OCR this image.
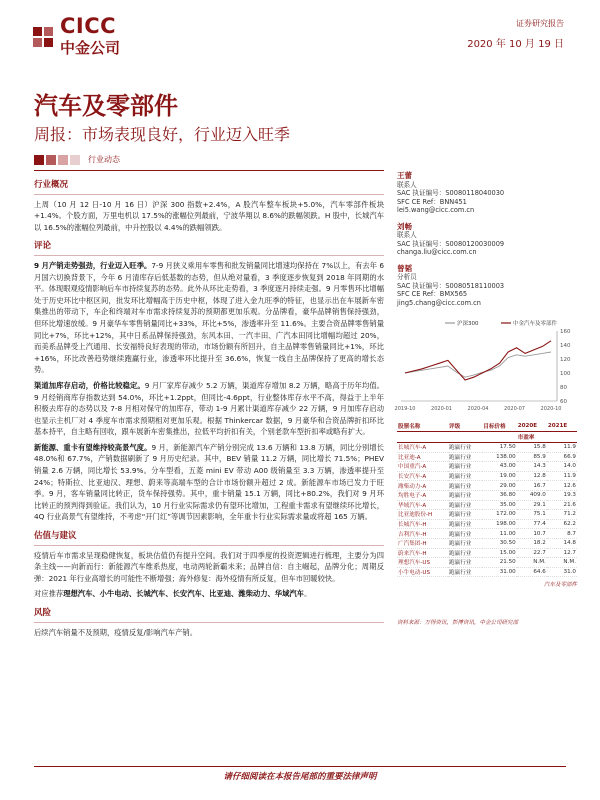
CICC
中金公司
证券研究报告
2020 年 10 月 19 日
汽车及零部件
周报：市场表现良好，行业迈入旺季
行业动态
行业概况

上周（10 月 12 日-10 月 16 日）沪深 300 指数+2.4%，A 股汽车整车板块+5.0%，汽车零部件板块+1.4%。个股方面，万里电机以 17.5%的涨幅位列最前，宁波华翔以 8.6%的跌幅领跌。H 股中，长城汽车以 16.5%的涨幅位列最前，中升控股以 4.4%的跌幅领跌。

评论

9 月产销走势强劲，行业迈入旺季。7-9 月狭义乘用车零售和批发销量同比增速均保持在 7%以上，有去年 6 月国六切换背景下，今年 6 月清库存后低基数的态势，但从绝对量看，3 季度逐步恢复到 2018 年同期的水平。体现眼观疫情影响后车市持续复苏的态势。此外从环比走势看，3 季度逐月持续走强。9 月零售环比增幅处于历史环比中枢区间，批发环比增幅高于历史中枢，体现了进入金九旺季的特征，也显示出在车展新车密集推出的带动下，车企和终端对车市需求持续复苏的预期都更加乐观。分品牌看，豪华品牌销售保持强劲，但环比增速放缓。9 月豪华车零售销量同比+33%，环比+5%，渗透率升至 11.6%。主要合资品牌零售销量同比+7%，环比+12%，其中日系品牌保持强劲，东风本田、一汽丰田、广汽本田同比增幅均超过 20%，而美系品牌受上汽通用、长安福特良好表现的带动，市场份额有所回升，自主品牌零售销量同比+1%，环比+16%，环比改善趋势继续跑赢行业，渗透率环比提升至 36.6%，恢复一线自主品牌保持了更高的增长态势。

渠道加库存启动，价格比较稳定。9 月厂家库存减少 5.2 万辆，渠道库存增加 8.2 万辆，略高于历年均值。9 月经销商库存指数达到 54.0%，环比+1.2ppt，但同比-4.6ppt，行业整体库存水平不高，得益于上半年积极去库存的态势以及 7-8 月相对保守的加库存，带动 1-9 月累计渠道库存减少 22 万辆，9 月加库存启动也显示主机厂对 4 季度车市需求预期相对更加乐观。根据 Thinkercar 数据，9 月豪华和合资品牌折扣环比基本持平，自主略有回收，跟车展新车密集推出，拉低平均折扣有关，个别老款车型折扣率或略有扩大。

新能源、重卡有望维持较高景气度。9 月，新能源汽车产销分别完成 13.6 万辆和 13.8 万辆，同比分别增长 48.0%和 67.7%，产销数据刷新了 9 月历史纪录。其中，BEV 销量 11.2 万辆，同比增长 71.5%；PHEV 销量 2.6 万辆，同比增长 53.9%。分车型看，五菱 mini EV 带动 A00 级销量至 3.3 万辆，渗透率提升至 24%；特斯拉、比亚迪汉、理想、蔚来等高端车型的合计市场份额升超过 2 成。新能源车市场已发力于旺季。9 月，客车销量同比转正，货车保持强势。其中，重卡销量 15.1 万辆，同比+80.2%，我们对 9 月环比转正的预判得到验证。我们认为，10 月行业实际需求仍有望环比增加，工程重卡需求有望继续环比增长，4Q 行业高景气有望维持，不考虑“开门红”等调节因素影响，全年重卡行业实际需求量或将超 165 万辆。

估值与建议

疫情后车市需求呈现稳健恢复，板块估值仍有提升空间。我们对于四季度的投资逻辑进行梳理，主要分为四条主线——向新而行：新能源汽车维系热度，电动两轮新霸未来；品牌自信：自主崛起，品牌分化；周期反弹：2021 年行业高增长的可能性不断增强；海外修复：海外疫情有所反复，但车市回暖较快。

对应推荐理想汽车、小牛电动、长城汽车、长安汽车、比亚迪、潍柴动力、华域汽车。

风险

后续汽车销量不及预期，疫情反复/影响汽车产销。

王蕾
联系人
SAC 执证编号：S0080118040030
SFC CE Ref：BNN451
lei5.wang@cicc.com.cn
刘畅
联系人
SAC 执证编号：S0080120030009
changa.liu@cicc.com.cn
曾韬
分析员
SAC 执证编号：S0080518110003
SFC CE Ref：BMX565
jing5.chang@cicc.com.cn
160
140
120
100
80
60
2019-10	2020-01	2020-04	2020-07	2020-10
沪深300	中金汽车及零部件
股票名称	评级	目标价格	2020E	2021E
			市盈率	
长城汽车-A	跑赢行业	17.50	15.8	11.9
比亚迪-A	跑赢行业	138.00	85.9	66.9
中国重汽-A	跑赢行业	43.00	14.3	14.0
长安汽车-A	跑赢行业	19.00	12.8	11.9
潍柴动力-A	跑赢行业	29.00	16.7	12.6
均胜电子-A	跑赢行业	36.80	409.0	19.3
华域汽车-A	跑赢行业	35.00	29.1	21.6
比亚迪股份-H	跑赢行业	172.00	75.1	71.2
长城汽车-H	跑赢行业	198.00	77.4	62.2
吉利汽车-H	跑赢行业	11.00	10.7	8.7
广汽集团-H	跑赢行业	30.50	18.2	14.8
蔚来汽车-H	跑赢行业	15.00	22.7	12.7
理想汽车-US	跑赢行业	21.50	N.M.	N.M.
小牛电动-US	跑赢行业	31.00	64.6	31.0
汽车及零部件
资料来源：万得资讯，彭博资讯，中金公司研究部
请仔细阅读在本报告尾部的重要法律声明
